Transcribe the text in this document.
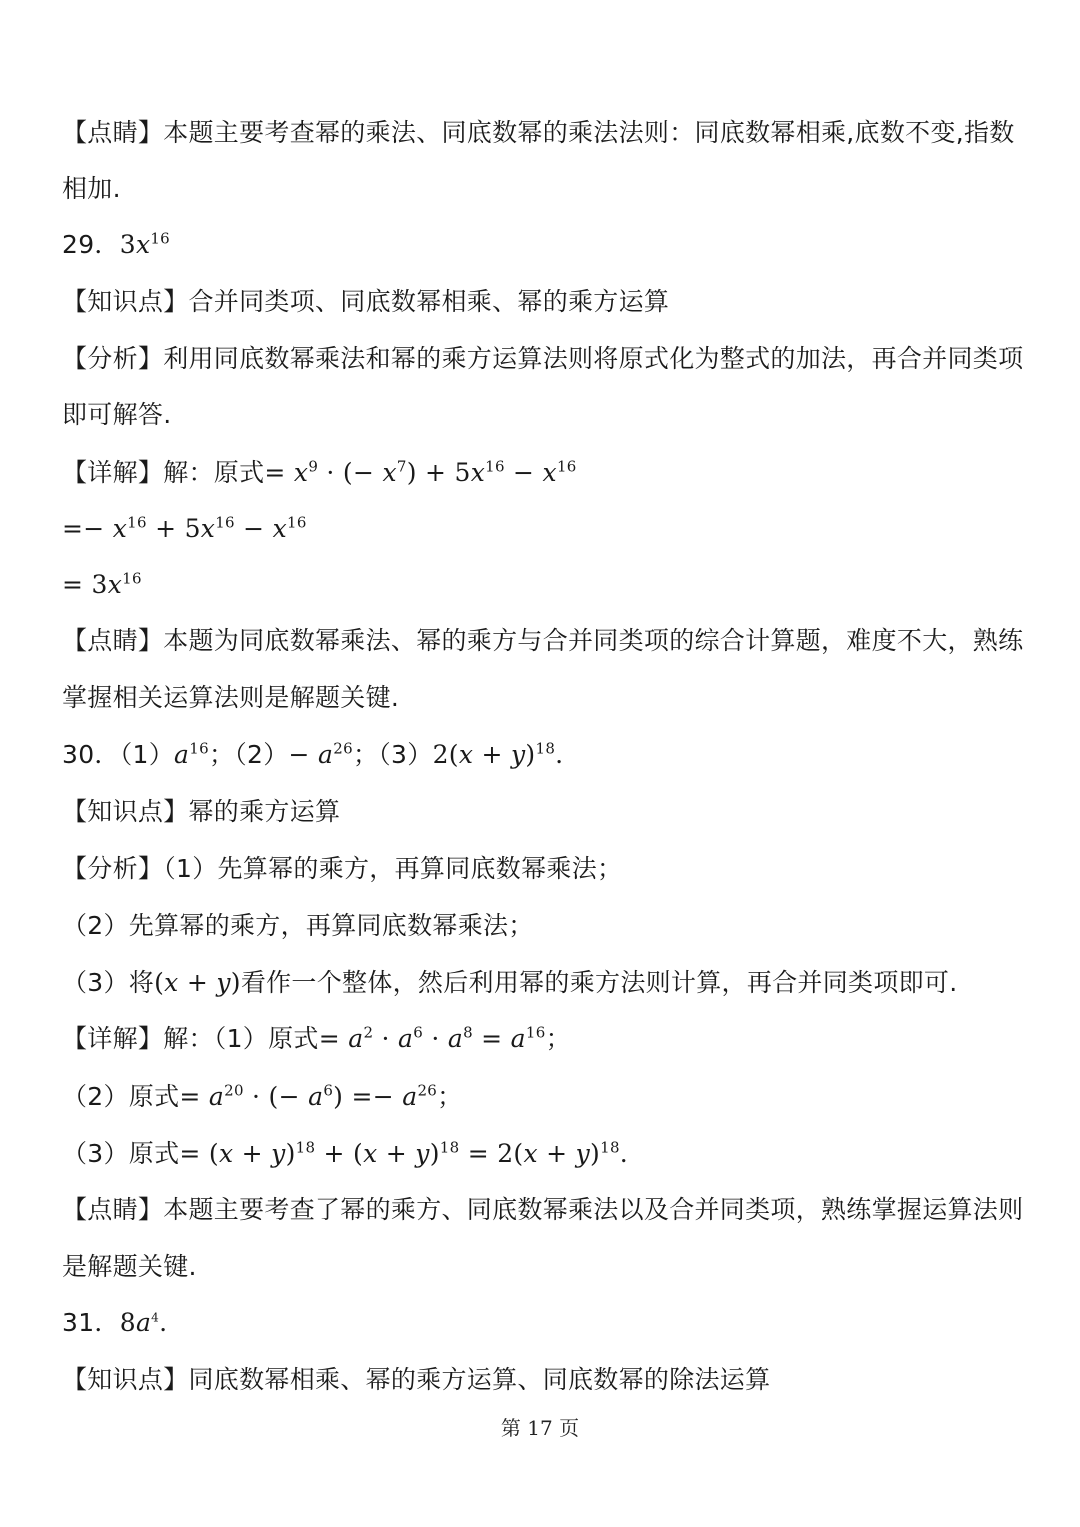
【点睛】本题主要考查幂的乘法、同底数幂的乘法法则：同底数幂相乘,底数不变,指数
相加.
29．$3x^{16}$
【知识点】合并同类项、同底数幂相乘、幂的乘方运算
【分析】利用同底数幂乘法和幂的乘方运算法则将原式化为整式的加法，再合并同类项
即可解答.
【详解】解：原式= $x^9$ · (− $x^7) + 5x^{16} - x^{16}$
=− $x^{16} + 5x^{16} - x^{16}$
= $3x^{16}$
【点睛】本题为同底数幂乘法、幂的乘方与合并同类项的综合计算题，难度不大，熟练
掌握相关运算法则是解题关键.
30．$(1)a^{16}$；$(2)- a^{26}$；$(3)2(x + y)^{18}$.
【知识点】幂的乘方运算
【分析】（1）先算幂的乘方，再算同底数幂乘法；
（2）先算幂的乘方，再算同底数幂乘法；
（3）将(x + y)看作一个整体，然后利用幂的乘方法则计算，再合并同类项即可.
【详解】解：（1）原式= $a^2 \cdot a^6 \cdot a^8 = a^{16}$；
（2）原式= $a^{20}$ · (− $a^6) =- a^{26}$；
（3）原式= $(x + y)^{18} + (x + y)^{18} = 2(x + y)^{18}$.
【点睛】本题主要考查了幂的乘方、同底数幂乘法以及合并同类项，熟练掌握运算法则
是解题关键.
31．$8a^4$.
【知识点】同底数幂相乘、幂的乘方运算、同底数幂的除法运算
第 17 页
